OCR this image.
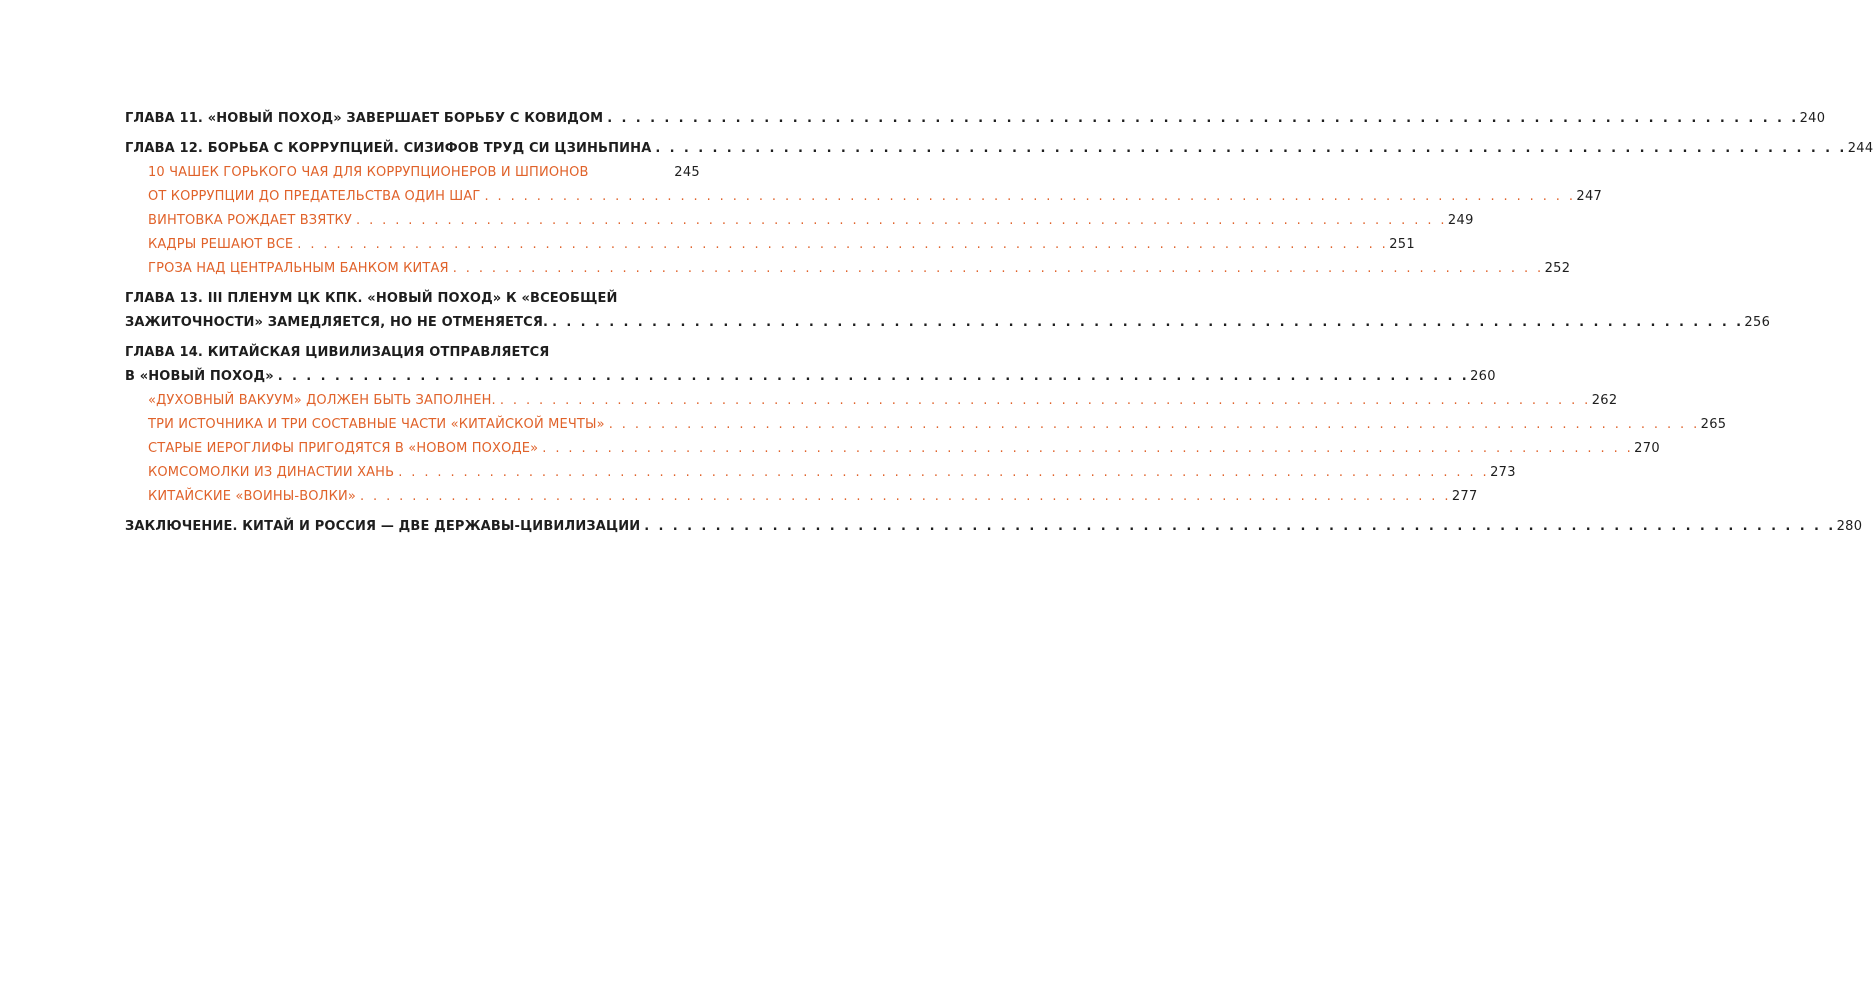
ГЛАВА 11. «НОВЫЙ ПОХОД» ЗАВЕРШАЕТ БОРЬБУ С КОВИДОМ . . . . . . . . . . . . . . . . . . . . . . . . . . . . . . . . . . . . . . . . . . . . . . . . . . . . . . . . . . . . . . . . . . . . . . . . . . . . . . . . . . . . 240
ГЛАВА 12. БОРЬБА С КОРРУПЦИЕЙ. СИЗИФОВ ТРУД СИ ЦЗИНЬПИНА . . . . . . . . . . . . . . . . . . . . . . . . . . . . . . . . . . . . . . . . . . . . . . . . . . . . . . . . . . . . . . . . . . . . . . . . . . . . . . . . . . . . 244
10 ЧАШЕК ГОРЬКОГО ЧАЯ ДЛЯ КОРРУПЦИОНЕРОВ И ШПИОНОВ	245
ОТ КОРРУПЦИИ ДО ПРЕДАТЕЛЬСТВА ОДИН ШАГ . . . . . . . . . . . . . . . . . . . . . . . . . . . . . . . . . . . . . . . . . . . . . . . . . . . . . . . . . . . . . . . . . . . . . . . . . . . . . . . . . . . . 247
ВИНТОВКА РОЖДАЕТ ВЗЯТКУ . . . . . . . . . . . . . . . . . . . . . . . . . . . . . . . . . . . . . . . . . . . . . . . . . . . . . . . . . . . . . . . . . . . . . . . . . . . . . . . . . . . . 249
КАДРЫ РЕШАЮТ ВСЕ . . . . . . . . . . . . . . . . . . . . . . . . . . . . . . . . . . . . . . . . . . . . . . . . . . . . . . . . . . . . . . . . . . . . . . . . . . . . . . . . . . . . 251
ГРОЗА НАД ЦЕНТРАЛЬНЫМ БАНКОМ КИТАЯ . . . . . . . . . . . . . . . . . . . . . . . . . . . . . . . . . . . . . . . . . . . . . . . . . . . . . . . . . . . . . . . . . . . . . . . . . . . . . . . . . . . . 252
ГЛАВА 13. III ПЛЕНУМ ЦК КПК. «НОВЫЙ ПОХОД» К «ВСЕОБЩЕЙ
ЗАЖИТОЧНОСТИ» ЗАМЕДЛЯЕТСЯ, НО НЕ ОТМЕНЯЕТСЯ. . . . . . . . . . . . . . . . . . . . . . . . . . . . . . . . . . . . . . . . . . . . . . . . . . . . . . . . . . . . . . . . . . . . . . . . . . . . . . . . . . . . . 256
ГЛАВА 14. КИТАЙСКАЯ ЦИВИЛИЗАЦИЯ ОТПРАВЛЯЕТСЯ
В «НОВЫЙ ПОХОД» . . . . . . . . . . . . . . . . . . . . . . . . . . . . . . . . . . . . . . . . . . . . . . . . . . . . . . . . . . . . . . . . . . . . . . . . . . . . . . . . . . . . 260
«ДУХОВНЫЙ ВАКУУМ» ДОЛЖЕН БЫТЬ ЗАПОЛНЕН. . . . . . . . . . . . . . . . . . . . . . . . . . . . . . . . . . . . . . . . . . . . . . . . . . . . . . . . . . . . . . . . . . . . . . . . . . . . . . . . . . . . . 262
ТРИ ИСТОЧНИКА И ТРИ СОСТАВНЫЕ ЧАСТИ «КИТАЙСКОЙ МЕЧТЫ» . . . . . . . . . . . . . . . . . . . . . . . . . . . . . . . . . . . . . . . . . . . . . . . . . . . . . . . . . . . . . . . . . . . . . . . . . . . . . . . . . . . . 265
СТАРЫЕ ИЕРОГЛИФЫ ПРИГОДЯТСЯ В «НОВОМ ПОХОДЕ» . . . . . . . . . . . . . . . . . . . . . . . . . . . . . . . . . . . . . . . . . . . . . . . . . . . . . . . . . . . . . . . . . . . . . . . . . . . . . . . . . . . . 270
КОМСОМОЛКИ ИЗ ДИНАСТИИ ХАНЬ . . . . . . . . . . . . . . . . . . . . . . . . . . . . . . . . . . . . . . . . . . . . . . . . . . . . . . . . . . . . . . . . . . . . . . . . . . . . . . . . . . . . 273
КИТАЙСКИЕ «ВОИНЫ-ВОЛКИ» . . . . . . . . . . . . . . . . . . . . . . . . . . . . . . . . . . . . . . . . . . . . . . . . . . . . . . . . . . . . . . . . . . . . . . . . . . . . . . . . . . . . 277
ЗАКЛЮЧЕНИЕ. КИТАЙ И РОССИЯ — ДВЕ ДЕРЖАВЫ-ЦИВИЛИЗАЦИИ . . . . . . . . . . . . . . . . . . . . . . . . . . . . . . . . . . . . . . . . . . . . . . . . . . . . . . . . . . . . . . . . . . . . . . . . . . . . . . . . . . . . 280
